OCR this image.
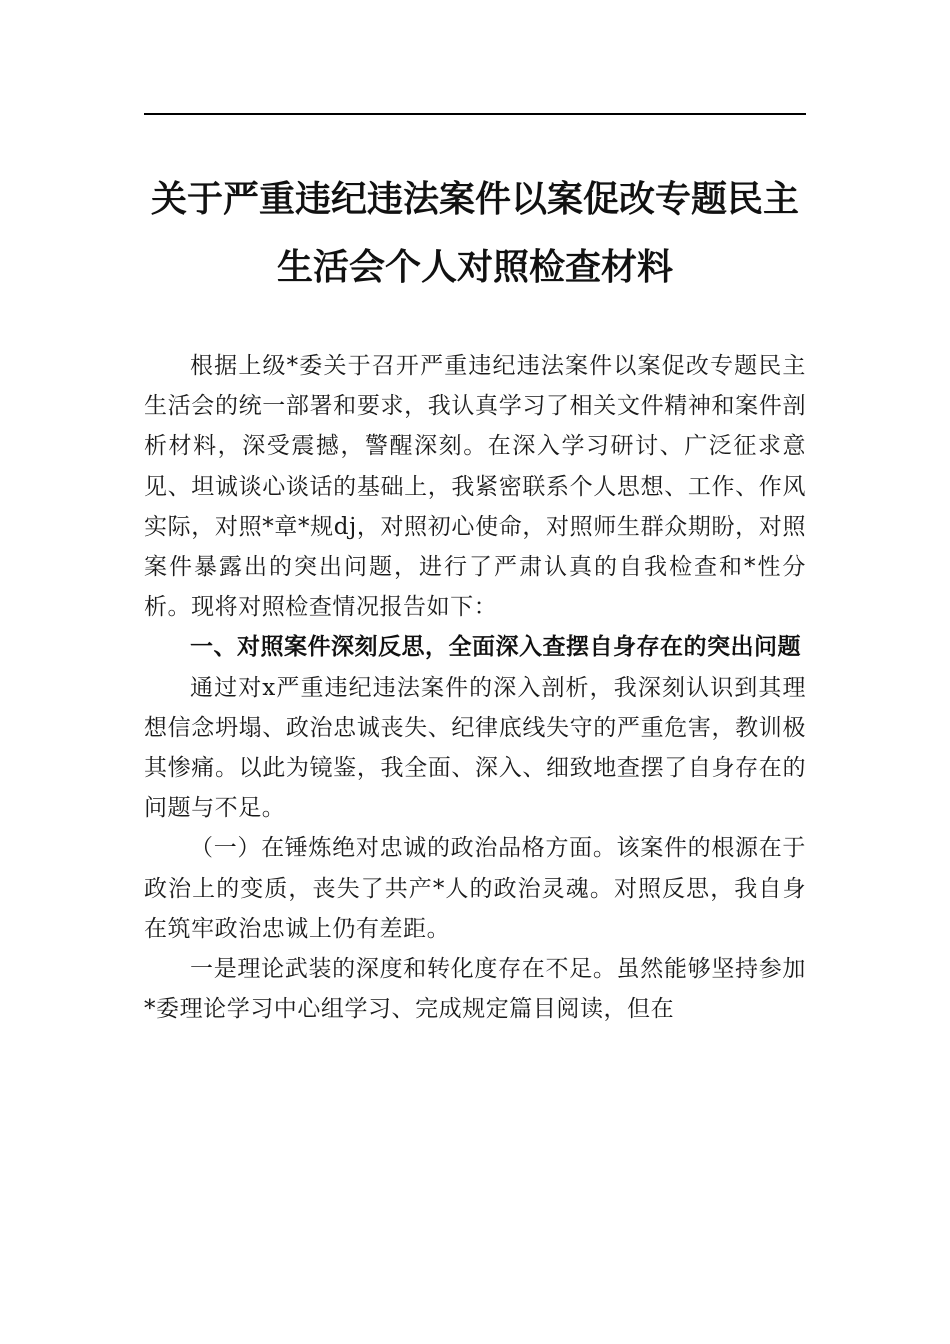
关于严重违纪违法案件以案促改专题民主
生活会个人对照检查材料

根据上级*委关于召开严重违纪违法案件以案促改专题民主生活会的统一部署和要求，我认真学习了相关文件精神和案件剖析材料，深受震撼，警醒深刻。在深入学习研讨、广泛征求意见、坦诚谈心谈话的基础上，我紧密联系个人思想、工作、作风实际，对照*章*规dj，对照初心使命，对照师生群众期盼，对照案件暴露出的突出问题，进行了严肃认真的自我检查和*性分析。现将对照检查情况报告如下：

一、对照案件深刻反思，全面深入查摆自身存在的突出问题

通过对x严重违纪违法案件的深入剖析，我深刻认识到其理想信念坍塌、政治忠诚丧失、纪律底线失守的严重危害，教训极其惨痛。以此为镜鉴，我全面、深入、细致地查摆了自身存在的问题与不足。

（一）在锤炼绝对忠诚的政治品格方面。该案件的根源在于政治上的变质，丧失了共产*人的政治灵魂。对照反思，我自身在筑牢政治忠诚上仍有差距。

一是理论武装的深度和转化度存在不足。虽然能够坚持参加*委理论学习中心组学习、完成规定篇目阅读，但在
